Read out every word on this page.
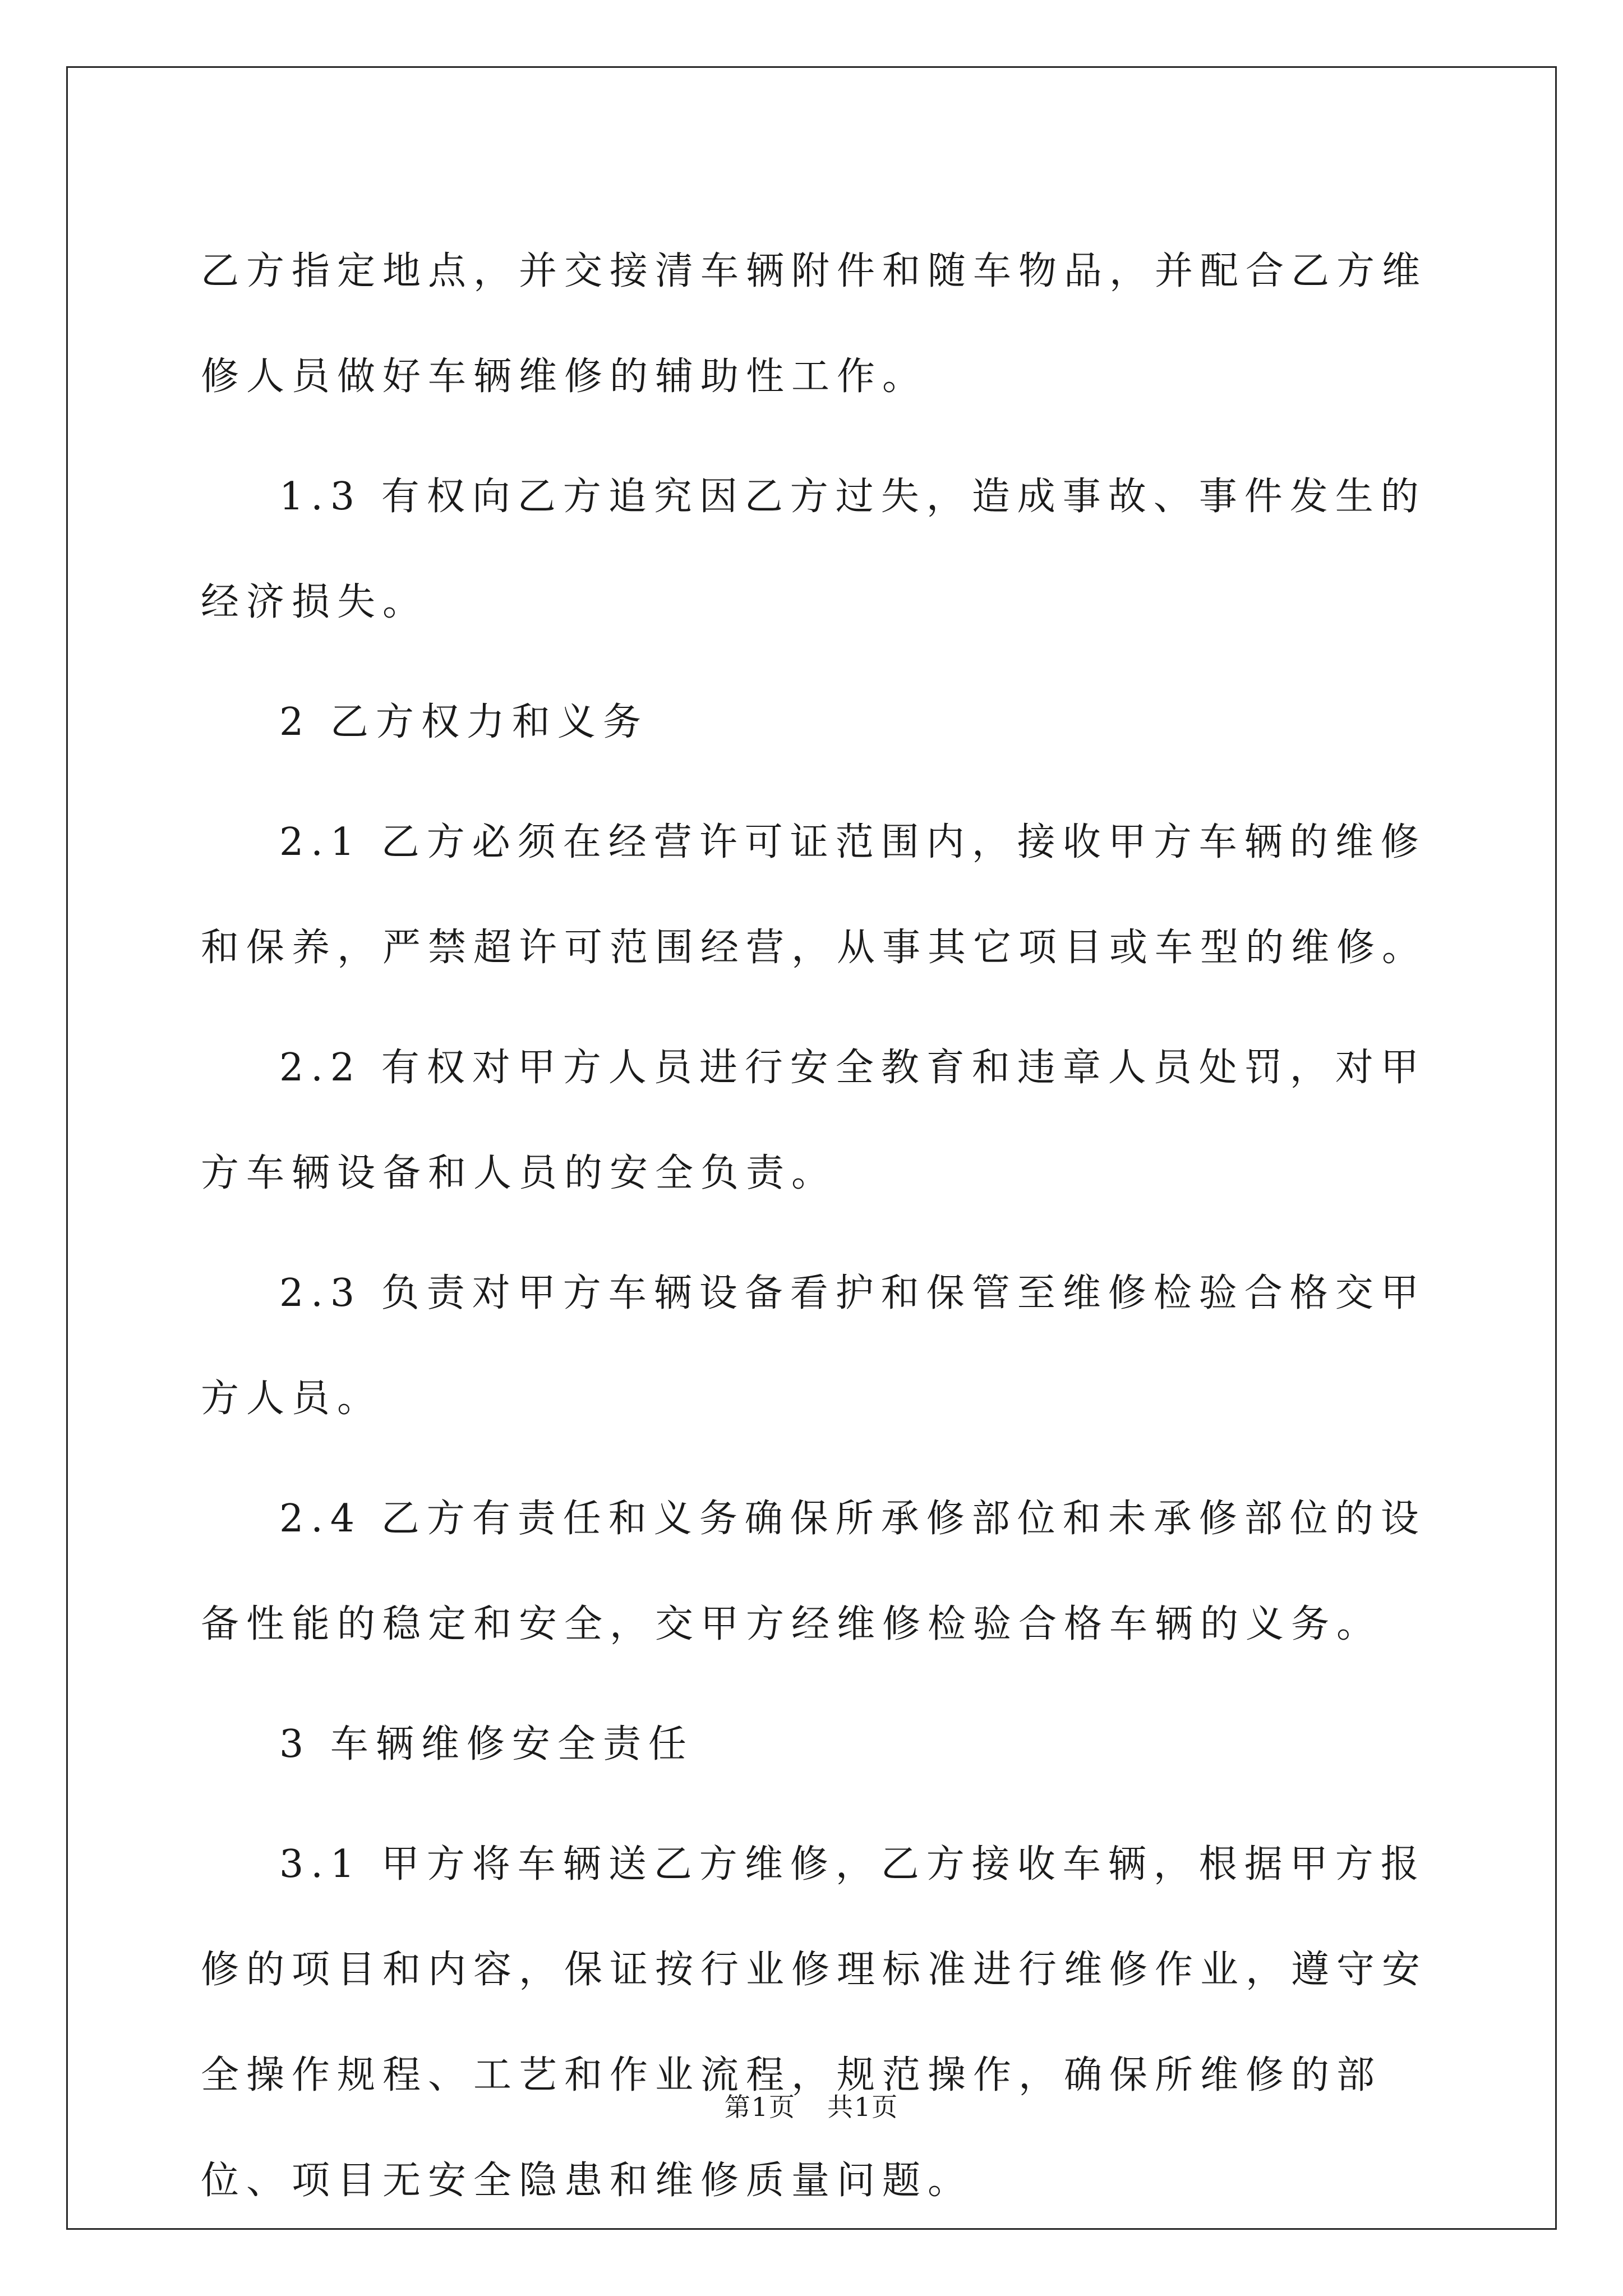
乙方指定地点，并交接清车辆附件和随车物品，并配合乙方维修人员做好车辆维修的辅助性工作。

1.3 有权向乙方追究因乙方过失，造成事故、事件发生的经济损失。

2 乙方权力和义务

2.1 乙方必须在经营许可证范围内，接收甲方车辆的维修和保养，严禁超许可范围经营，从事其它项目或车型的维修。

2.2 有权对甲方人员进行安全教育和违章人员处罚，对甲方车辆设备和人员的安全负责。

2.3 负责对甲方车辆设备看护和保管至维修检验合格交甲方人员。

2.4 乙方有责任和义务确保所承修部位和未承修部位的设备性能的稳定和安全，交甲方经维修检验合格车辆的义务。

3 车辆维修安全责任

3.1 甲方将车辆送乙方维修，乙方接收车辆，根据甲方报修的项目和内容，保证按行业修理标准进行维修作业，遵守安全操作规程、工艺和作业流程，规范操作，确保所维修的部位、项目无安全隐患和维修质量问题。

第1页 共1页
